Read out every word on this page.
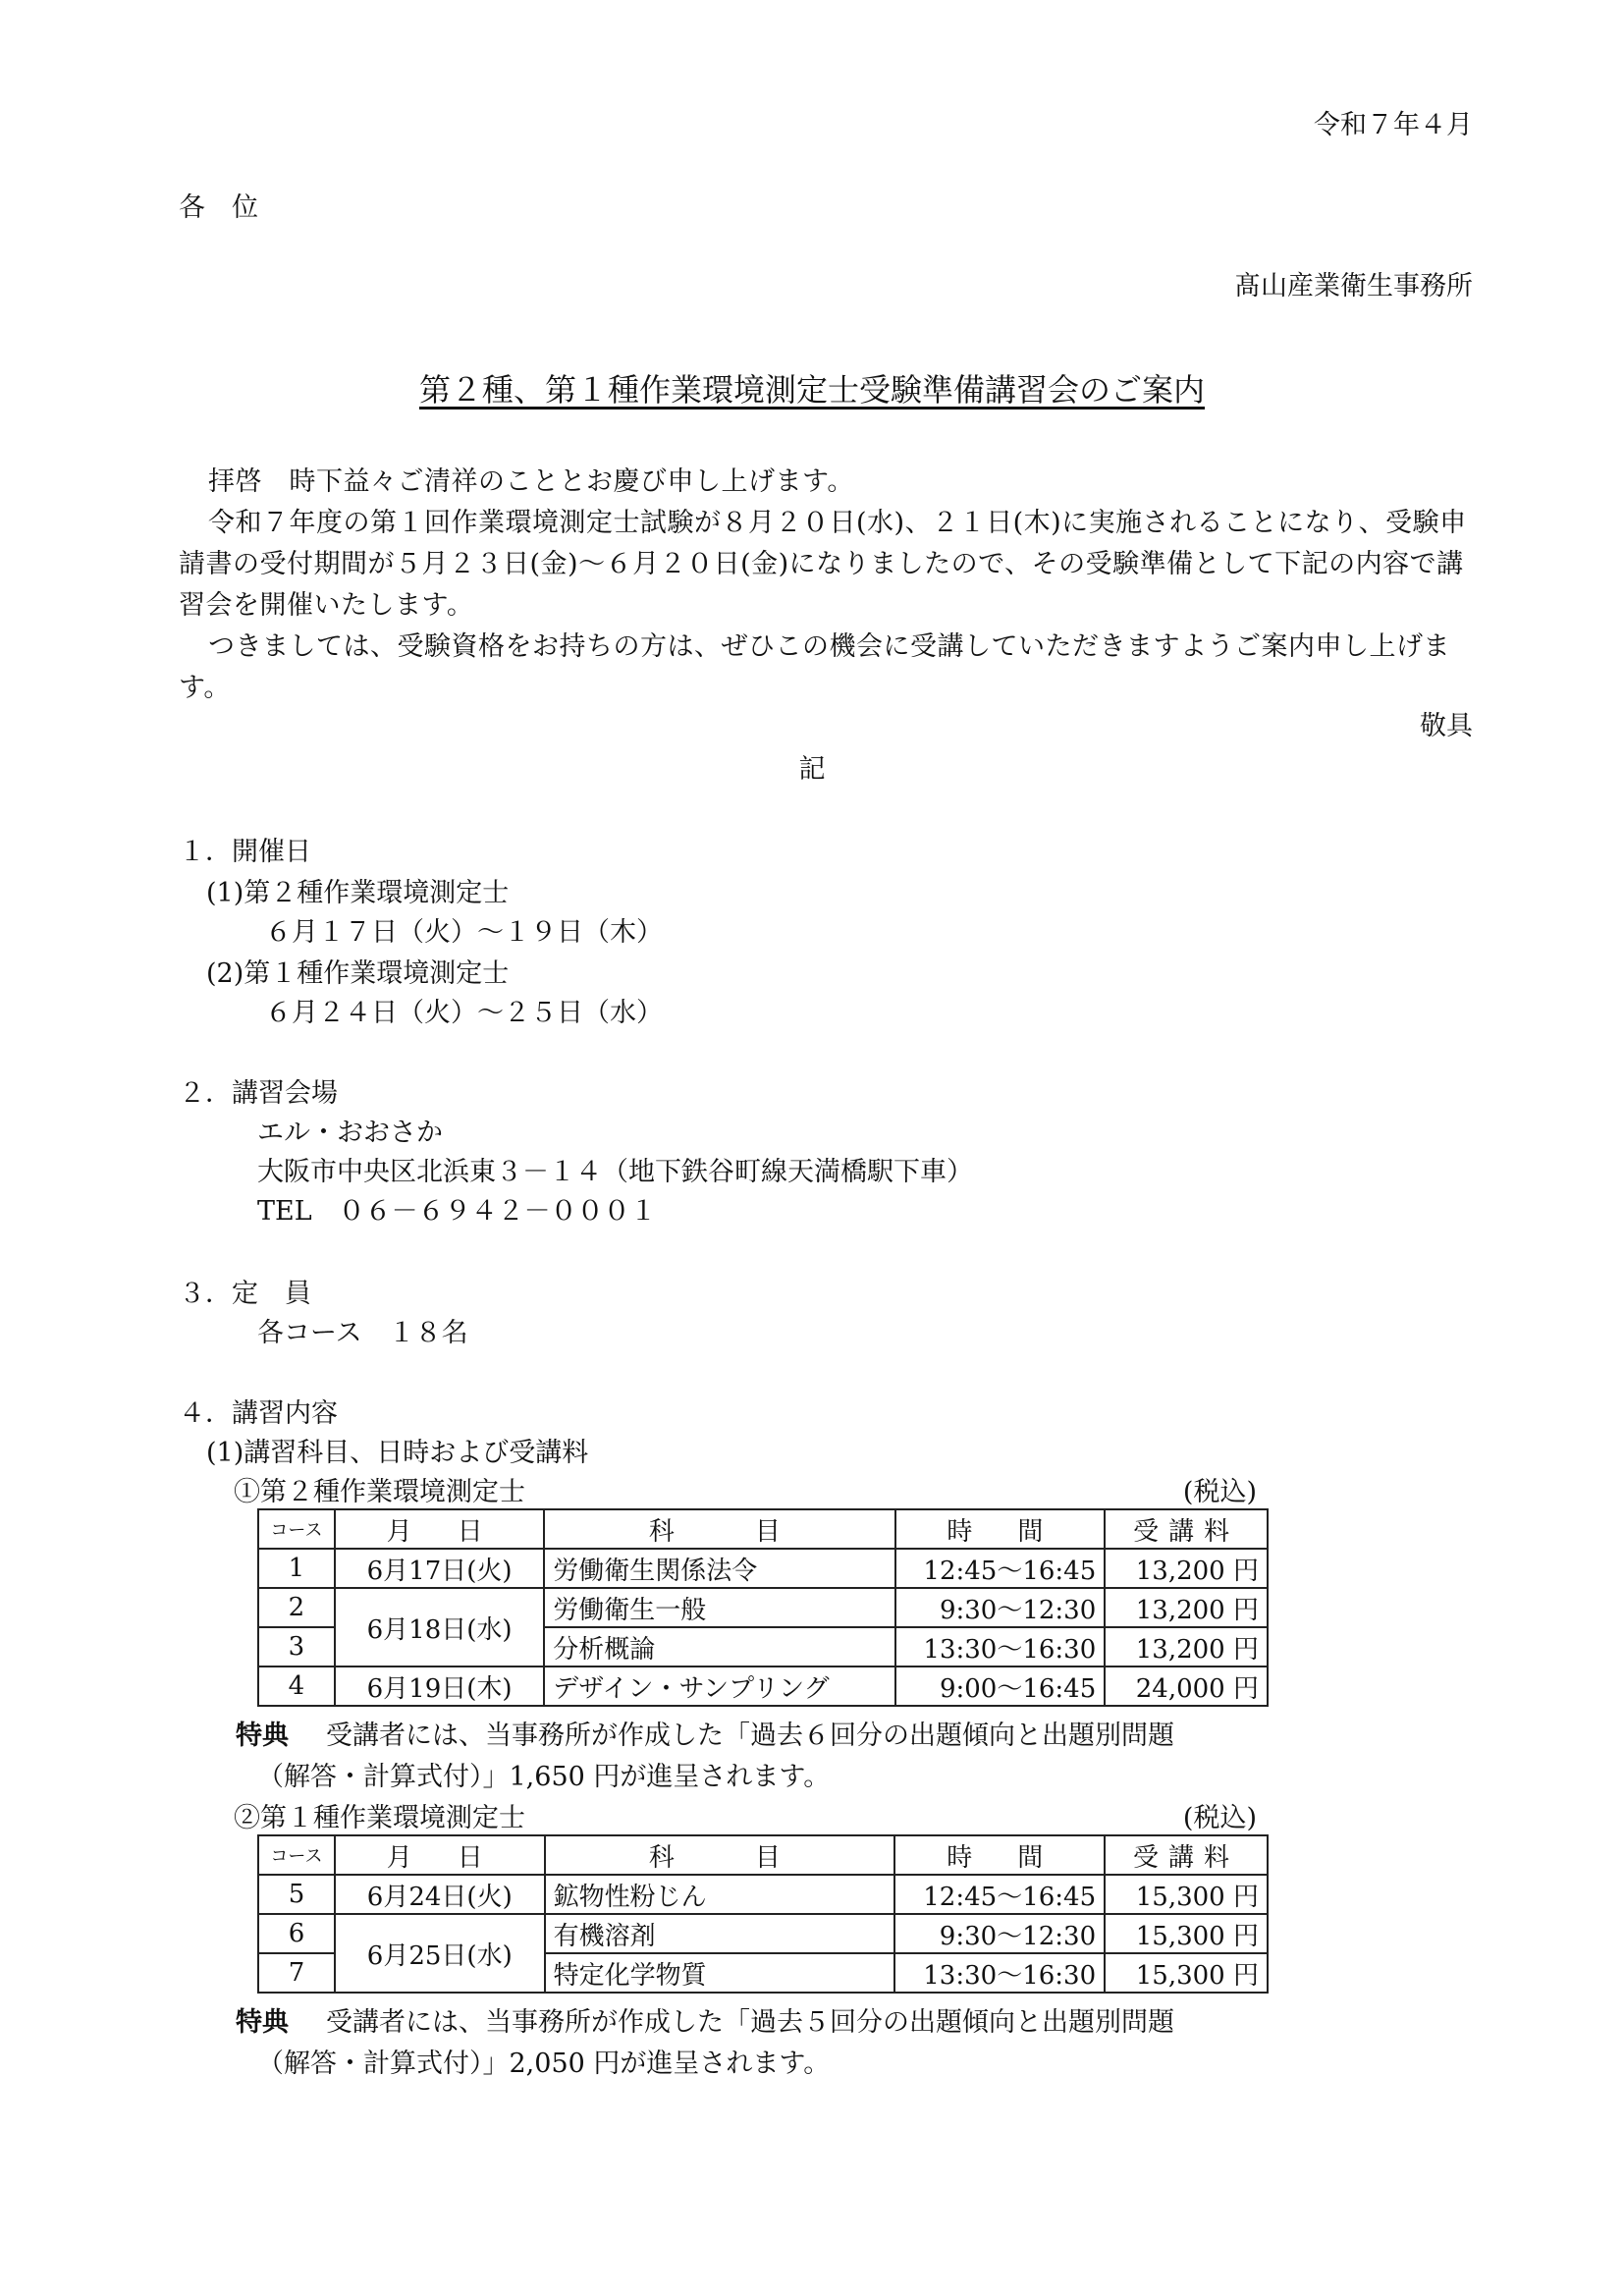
令和７年４月
各　位
髙山産業衛生事務所
第２種、第１種作業環境測定士受験準備講習会のご案内
拝啓　時下益々ご清祥のこととお慶び申し上げます。
令和７年度の第１回作業環境測定士試験が８月２０日(水)、２１日(木)に実施されることになり、受験申請書の受付期間が５月２３日(金)～６月２０日(金)になりましたので、その受験準備として下記の内容で講習会を開催いたします。
つきましては、受験資格をお持ちの方は、ぜひこの機会に受講していただきますようご案内申し上げます。
敬具
記
１．開催日
(1)第２種作業環境測定士
６月１７日（火）～１９日（木）
(2)第１種作業環境測定士
６月２４日（火）～２５日（水）
２．講習会場
エル・おおさか
大阪市中央区北浜東３－１４（地下鉄谷町線天満橋駅下車）
TEL　０６－６９４２－０００１
３．定　員
各コース　１８名
４．講習内容
(1)講習科目、日時および受講料
①第２種作業環境測定士	(税込)
コース	月　日	科　　目	時　間	受講料
1	6月17日(火)	労働衛生関係法令	12:45～16:45	13,200 円
2	6月18日(水)	労働衛生一般	9:30～12:30	13,200 円
3		分析概論	13:30～16:30	13,200 円
4	6月19日(木)	デザイン・サンプリング	9:00～16:45	24,000 円
特典 受講者には、当事務所が作成した「過去６回分の出題傾向と出題別問題
（解答・計算式付）」1,650 円が進呈されます。
②第１種作業環境測定士	(税込)
コース	月　日	科　　目	時　間	受講料
5	6月24日(火)	鉱物性粉じん	12:45～16:45	15,300 円
6	6月25日(水)	有機溶剤	9:30～12:30	15,300 円
7		特定化学物質	13:30～16:30	15,300 円
特典 受講者には、当事務所が作成した「過去５回分の出題傾向と出題別問題
（解答・計算式付）」2,050 円が進呈されます。
